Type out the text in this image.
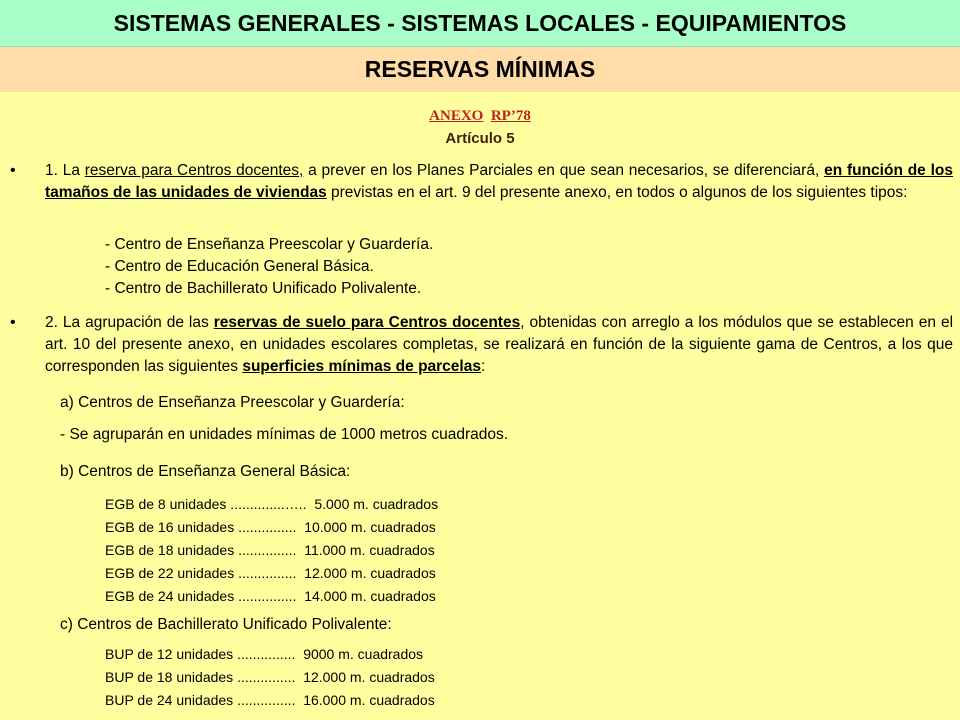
SISTEMAS GENERALES - SISTEMAS LOCALES - EQUIPAMIENTOS
RESERVAS MÍNIMAS
ANEXO RP’78
Artículo 5
• 1. La reserva para Centros docentes, a prever en los Planes Parciales en que sean necesarios, se diferenciará, en función de los tamaños de las unidades de viviendas previstas en el art. 9 del presente anexo, en todos o algunos de los siguientes tipos:
- Centro de Enseñanza Preescolar y Guardería.
- Centro de Educación General Básica.
- Centro de Bachillerato Unificado Polivalente.
• 2. La agrupación de las reservas de suelo para Centros docentes, obtenidas con arreglo a los módulos que se establecen en el art. 10 del presente anexo, en unidades escolares completas, se realizará en función de la siguiente gama de Centros, a los que corresponden las siguientes superficies mínimas de parcelas:
a) Centros de Enseñanza Preescolar y Guardería:
- Se agruparán en unidades mínimas de 1000 metros cuadrados.
b) Centros de Enseñanza General Básica:
EGB de 8 unidades ..............…..  5.000 m. cuadrados
EGB de 16 unidades ...............  10.000 m. cuadrados
EGB de 18 unidades ...............  11.000 m. cuadrados
EGB de 22 unidades ...............  12.000 m. cuadrados
EGB de 24 unidades ...............  14.000 m. cuadrados
c) Centros de Bachillerato Unificado Polivalente:
BUP de 12 unidades ...............  9000 m. cuadrados
BUP de 18 unidades ...............  12.000 m. cuadrados
BUP de 24 unidades ...............  16.000 m. cuadrados
